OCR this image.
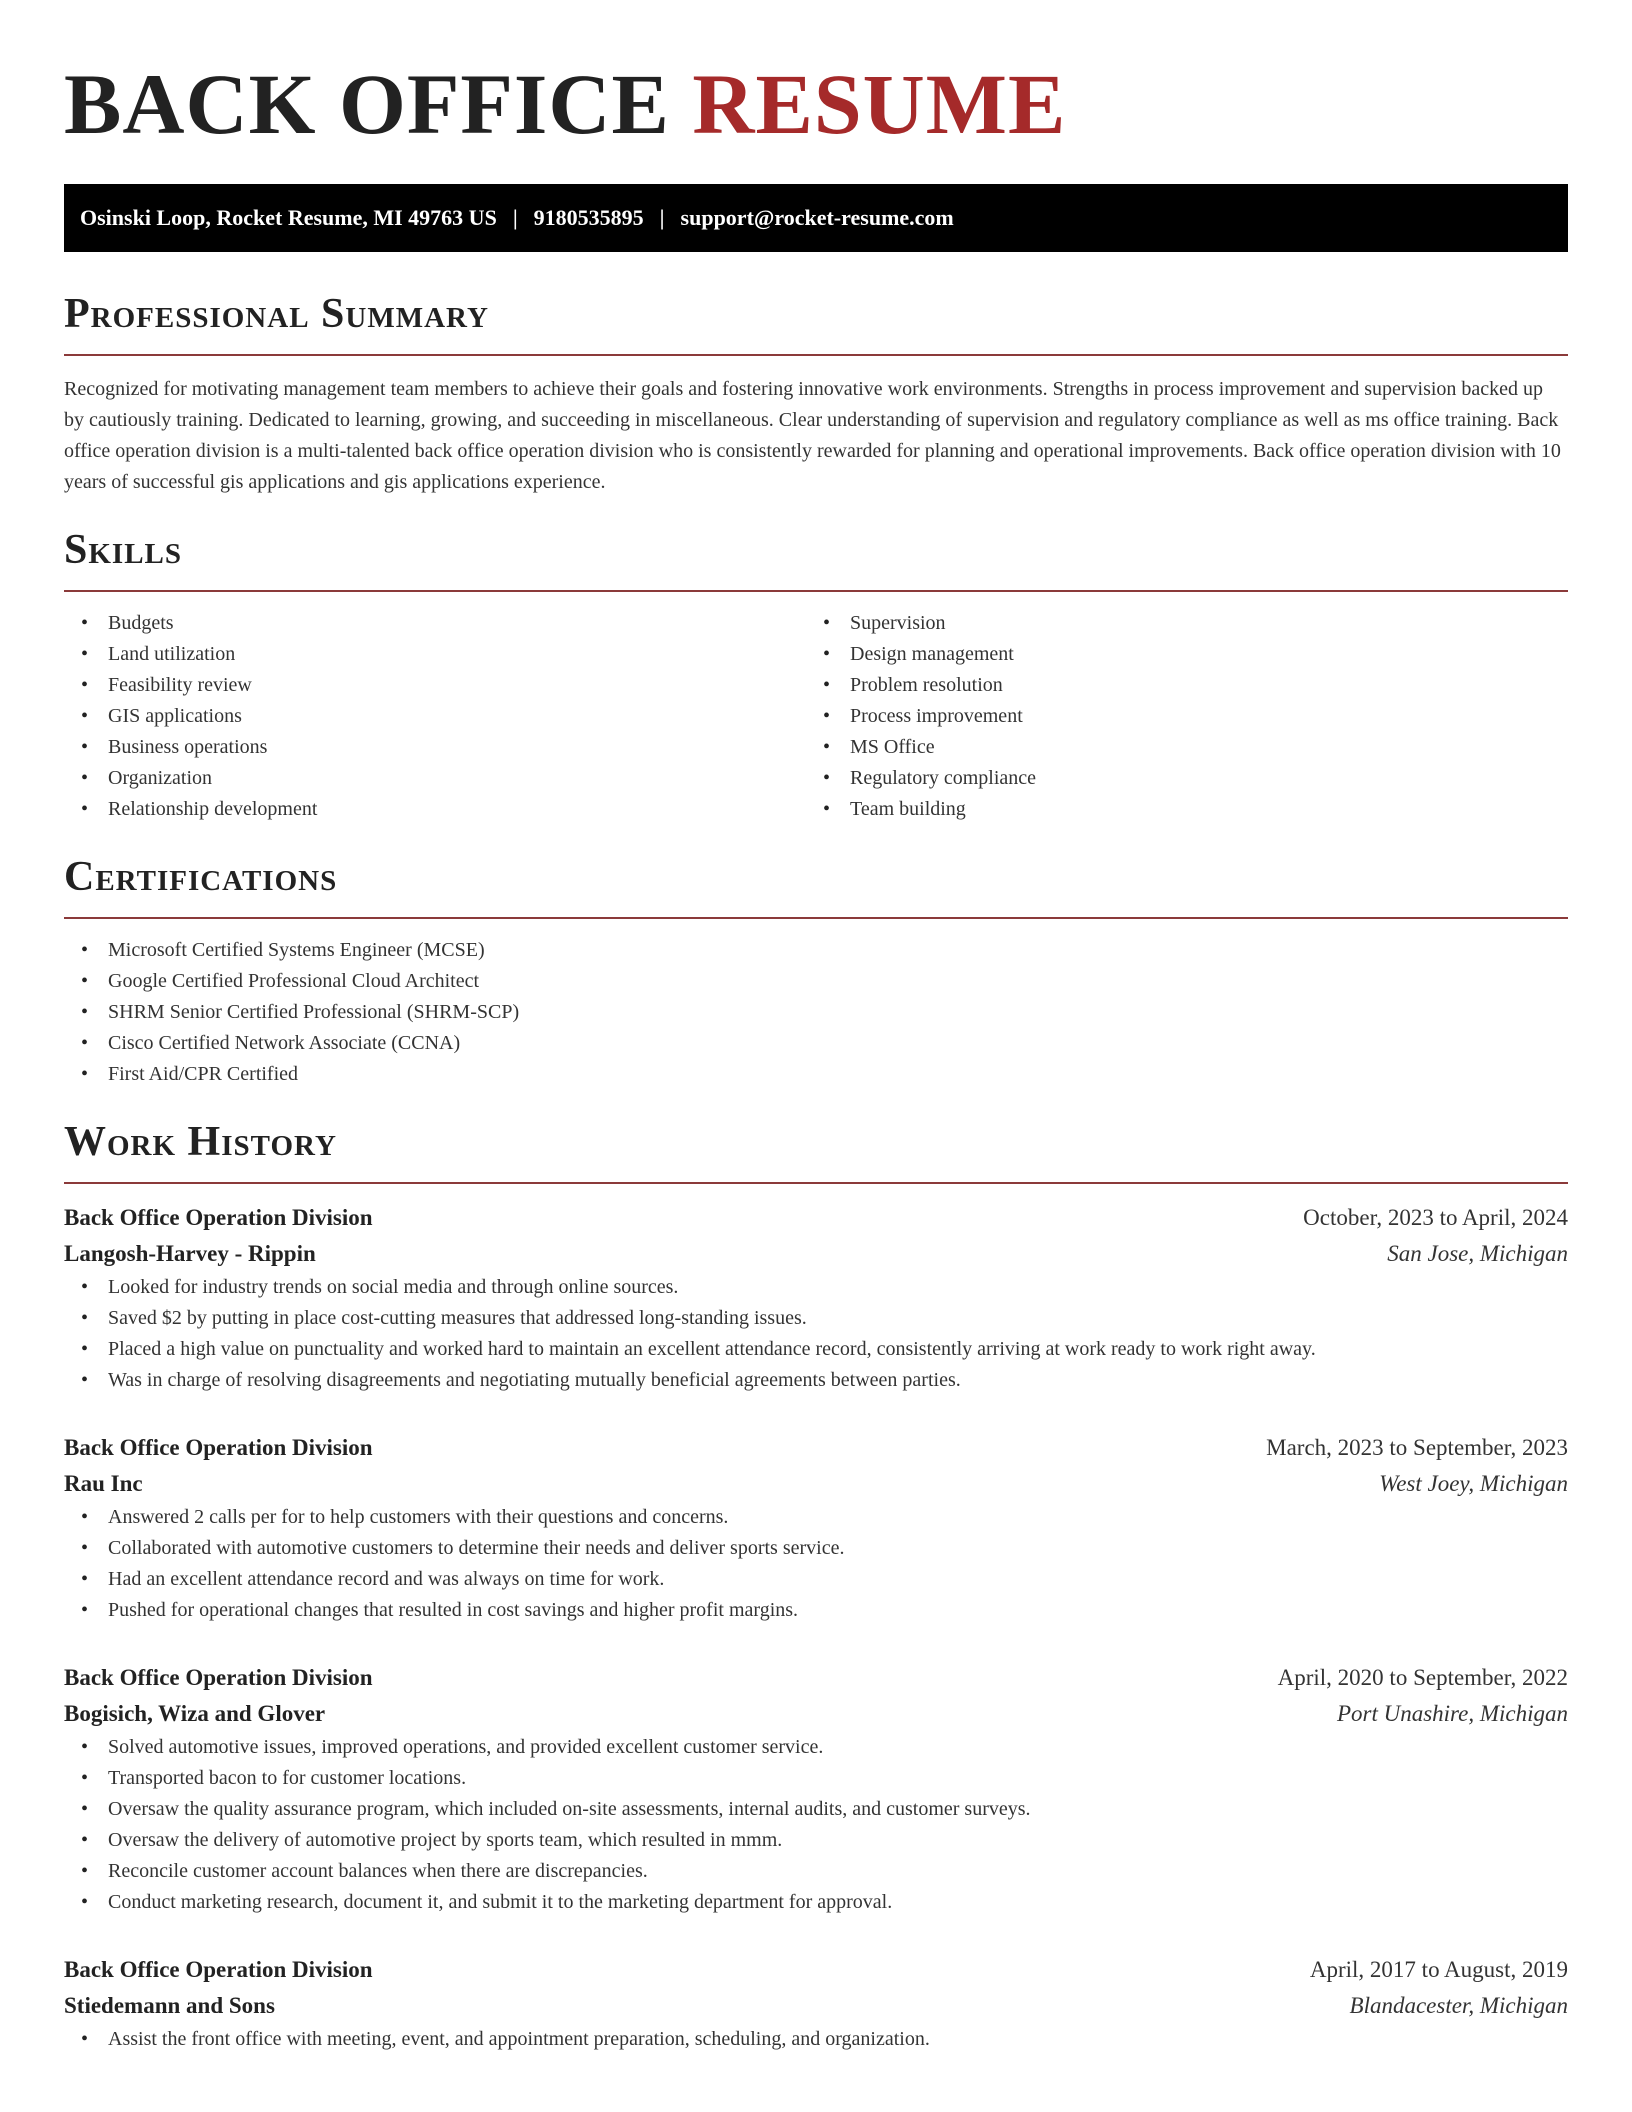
BACK OFFICE RESUME
Osinski Loop, Rocket Resume, MI 49763 US | 9180535895 | support@rocket-resume.com
Professional Summary

Recognized for motivating management team members to achieve their goals and fostering innovative work environments. Strengths in process improvement and supervision backed up by cautiously training. Dedicated to learning, growing, and succeeding in miscellaneous. Clear understanding of supervision and regulatory compliance as well as ms office training. Back office operation division is a multi-talented back office operation division who is consistently rewarded for planning and operational improvements. Back office operation division with 10 years of successful gis applications and gis applications experience.

Skills
• Budgets
• Land utilization
• Feasibility review
• GIS applications
• Business operations
• Organization
• Relationship development
• Supervision
• Design management
• Problem resolution
• Process improvement
• MS Office
• Regulatory compliance
• Team building
Certifications
• Microsoft Certified Systems Engineer (MCSE)
• Google Certified Professional Cloud Architect
• SHRM Senior Certified Professional (SHRM-SCP)
• Cisco Certified Network Associate (CCNA)
• First Aid/CPR Certified
Work History
Back Office Operation Division	October, 2023 to April, 2024
Langosh-Harvey - Rippin	San Jose, Michigan
• Looked for industry trends on social media and through online sources.
• Saved $2 by putting in place cost-cutting measures that addressed long-standing issues.
• Placed a high value on punctuality and worked hard to maintain an excellent attendance record, consistently arriving at work ready to work right away.
• Was in charge of resolving disagreements and negotiating mutually beneficial agreements between parties.
Back Office Operation Division	March, 2023 to September, 2023
Rau Inc	West Joey, Michigan
• Answered 2 calls per for to help customers with their questions and concerns.
• Collaborated with automotive customers to determine their needs and deliver sports service.
• Had an excellent attendance record and was always on time for work.
• Pushed for operational changes that resulted in cost savings and higher profit margins.
Back Office Operation Division	April, 2020 to September, 2022
Bogisich, Wiza and Glover	Port Unashire, Michigan
• Solved automotive issues, improved operations, and provided excellent customer service.
• Transported bacon to for customer locations.
• Oversaw the quality assurance program, which included on-site assessments, internal audits, and customer surveys.
• Oversaw the delivery of automotive project by sports team, which resulted in mmm.
• Reconcile customer account balances when there are discrepancies.
• Conduct marketing research, document it, and submit it to the marketing department for approval.
Back Office Operation Division	April, 2017 to August, 2019
Stiedemann and Sons	Blandacester, Michigan
• Assist the front office with meeting, event, and appointment preparation, scheduling, and organization.
